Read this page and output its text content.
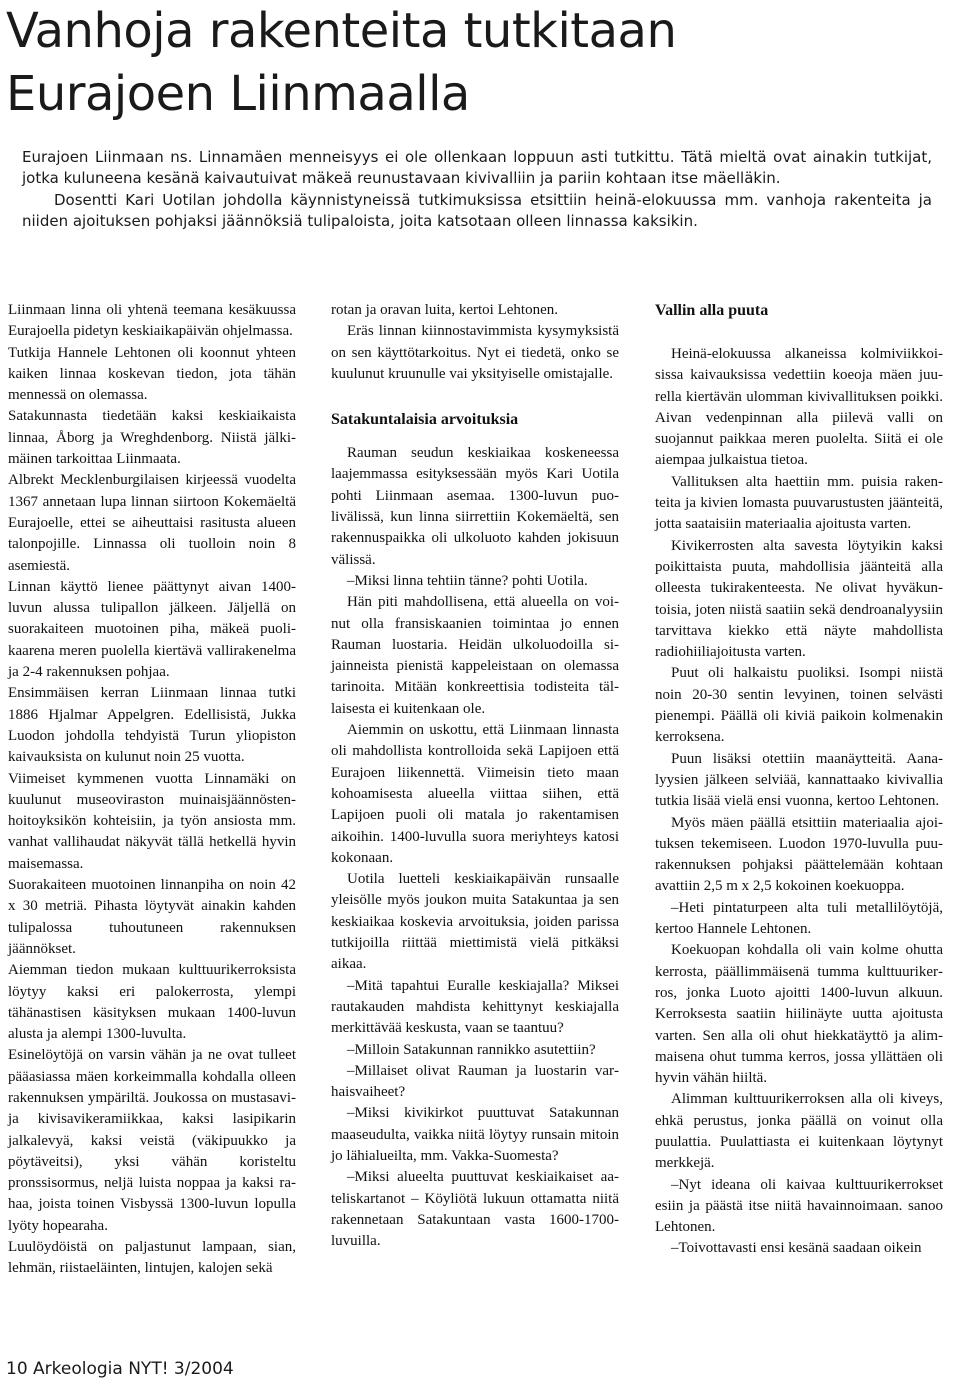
Vanhoja rakenteita tutkitaan
Eurajoen Liinmaalla

Eurajoen Liinmaan ns. Linnamäen menneisyys ei ole ollenkaan loppuun asti tutkittu. Tätä mieltä ovat ainakin tutkijat, jotka kuluneena kesänä kaivautuivat mäkeä reunustavaan kivivalliin ja pariin kohtaan itse mäelläkin.

Dosentti Kari Uotilan johdolla käynnistyneissä tutkimuksissa etsittiin heinä-elokuussa mm. vanhoja rakenteita ja niiden ajoituksen pohjaksi jäännöksiä tulipaloista, joita katsotaan olleen linnassa kaksikin.

Liinmaan linna oli yhtenä teemana kesäkuussa Eurajoella pidetyn keskiaikapäivän ohjelmassa.

Tutkija Hannele Lehtonen oli koonnut yhteen kaiken linnaa koskevan tiedon, jota tähän mennessä on olemassa.

Satakunnasta tiedetään kaksi keskiaikaista linnaa, Åborg ja Wreghdenborg. Niistä jälkimäinen tarkoittaa Liinmaata.

Albrekt Mecklenburgilaisen kirjeessä vuodelta 1367 annetaan lupa linnan siirtoon Kokemäeltä Eurajoelle, ettei se aiheuttaisi rasitusta alueen talonpojille. Linnassa oli tuolloin noin 8 asemiestä.

Linnan käyttö lienee päättynyt aivan 1400-luvun alussa tulipallon jälkeen. Jäljellä on suorakaiteen muotoinen piha, mäkeä puolikaarena meren puolella kiertävä vallirakenelma ja 2-4 rakennuksen pohjaa.

Ensimmäisen kerran Liinmaan linnaa tutki 1886 Hjalmar Appelgren. Edellisistä, Jukka Luodon johdolla tehdyistä Turun yliopiston kaivauksista on kulunut noin 25 vuotta.

Viimeiset kymmenen vuotta Linnamäki on kuulunut museoviraston muinaisjäännöstenhoitoyksikön kohteisiin, ja työn ansiosta mm. vanhat vallihaudat näkyvät tällä hetkellä hyvin maisemassa.

Suorakaiteen muotoinen linnanpiha on noin 42 x 30 metriä. Pihasta löytyvät ainakin kahden tulipalossa tuhoutuneen rakennuksen jäännökset.

Aiemman tiedon mukaan kulttuurikerroksista löytyy kaksi eri palokerrosta, ylempi tähänastisen käsityksen mukaan 1400-luvun alusta ja alempi 1300-luvulta.

Esinelöytöjä on varsin vähän ja ne ovat tulleet pääasiassa mäen korkeimmalla kohdalla olleen rakennuksen ympäriltä. Joukossa on mustasavi- ja kivisavikeramiikkaa, kaksi lasipikarin jalkalevyä, kaksi veistä (väkipuukko ja pöytäveitsi), yksi vähän koristeltu pronssisormus, neljä luista noppaa ja kaksi rahaa, joista toinen Visbyssä 1300-luvun lopulla lyöty hopearaha.

Luulöydöistä on paljastunut lampaan, sian, lehmän, riistaeläinten, lintujen, kalojen sekä

rotan ja oravan luita, kertoi Lehtonen.

Eräs linnan kiinnostavimmista kysymyksistä on sen käyttötarkoitus. Nyt ei tiedetä, onko se kuulunut kruunulle vai yksityiselle omistajalle.

Satakuntalaisia arvoituksia

Rauman seudun keskiaikaa koskeneessa laajemmassa esityksessään myös Kari Uotila pohti Liinmaan asemaa. 1300-luvun puolivälissä, kun linna siirrettiin Kokemäeltä, sen rakennuspaikka oli ulkoluoto kahden jokisuun välissä.

–Miksi linna tehtiin tänne? pohti Uotila.

Hän piti mahdollisena, että alueella on voinut olla fransiskaanien toimintaa jo ennen Rauman luostaria. Heidän ulkoluodoilla sijainneista pienistä kappeleistaan on olemassa tarinoita. Mitään konkreettisia todisteita tällaisesta ei kuitenkaan ole.

Aiemmin on uskottu, että Liinmaan linnasta oli mahdollista kontrolloida sekä Lapijoen että Eurajoen liikennettä. Viimeisin tieto maan kohoamisesta alueella viittaa siihen, että Lapijoen puoli oli matala jo rakentamisen aikoihin. 1400-luvulla suora meriyhteys katosi kokonaan.

Uotila luetteli keskiaikapäivän runsaalle yleisölle myös joukon muita Satakuntaa ja sen keskiaikaa koskevia arvoituksia, joiden parissa tutkijoilla riittää miettimistä vielä pitkäksi aikaa.

–Mitä tapahtui Euralle keskiajalla? Miksei rautakauden mahdista kehittynyt keskiajalla merkittävää keskusta, vaan se taantuu?

–Milloin Satakunnan rannikko asutettiin?

–Millaiset olivat Rauman ja luostarin varhaisvaiheet?

–Miksi kivikirkot puuttuvat Satakunnan maaseudulta, vaikka niitä löytyy runsain mitoin jo lähialueilta, mm. Vakka-Suomesta?

–Miksi alueelta puuttuvat keskiaikaiset aateliskartanot – Köyliötä lukuun ottamatta niitä rakennetaan Satakuntaan vasta 1600-1700-luvuilla.

Vallin alla puuta

Heinä-elokuussa alkaneissa kolmiviikkoisissa kaivauksissa vedettiin koeoja mäen juurella kiertävän ulomman kivivallituksen poikki. Aivan vedenpinnan alla piilevä valli on suojannut paikkaa meren puolelta. Siitä ei ole aiempaa julkaistua tietoa.

Vallituksen alta haettiin mm. puisia rakenteita ja kivien lomasta puuvarustusten jäänteitä, jotta saataisiin materiaalia ajoitusta varten.

Kivikerrosten alta savesta löytyikin kaksi poikittaista puuta, mahdollisia jäänteitä alla olleesta tukirakenteesta. Ne olivat hyväkuntoisia, joten niistä saatiin sekä dendroanalyysiin tarvittava kiekko että näyte mahdollista radiohiiliajoitusta varten.

Puut oli halkaistu puoliksi. Isompi niistä noin 20-30 sentin levyinen, toinen selvästi pienempi. Päällä oli kiviä paikoin kolmenakin kerroksena.

Puun lisäksi otettiin maanäytteitä. Aanalyysien jälkeen selviää, kannattaako kivivallia tutkia lisää vielä ensi vuonna, kertoo Lehtonen.

Myös mäen päällä etsittiin materiaalia ajoituksen tekemiseen. Luodon 1970-luvulla puurakennuksen pohjaksi päättelemään kohtaan avattiin 2,5 m x 2,5 kokoinen koekuoppa.

–Heti pintaturpeen alta tuli metallilöytöjä, kertoo Hannele Lehtonen.

Koekuopan kohdalla oli vain kolme ohutta kerrosta, päällimmäisenä tumma kulttuurikerros, jonka Luoto ajoitti 1400-luvun alkuun. Kerroksesta saatiin hiilinäyte uutta ajoitusta varten. Sen alla oli ohut hiekkatäyttö ja alimmaisena ohut tumma kerros, jossa yllättäen oli hyvin vähän hiiltä.

Alimman kulttuurikerroksen alla oli kiveys, ehkä perustus, jonka päällä on voinut olla puulattia. Puulattiasta ei kuitenkaan löytynyt merkkejä.

–Nyt ideana oli kaivaa kulttuurikerrokset esiin ja päästä itse niitä havainnoimaan. sanoo Lehtonen.

–Toivottavasti ensi kesänä saadaan oikein

10 Arkeologia NYT! 3/2004
